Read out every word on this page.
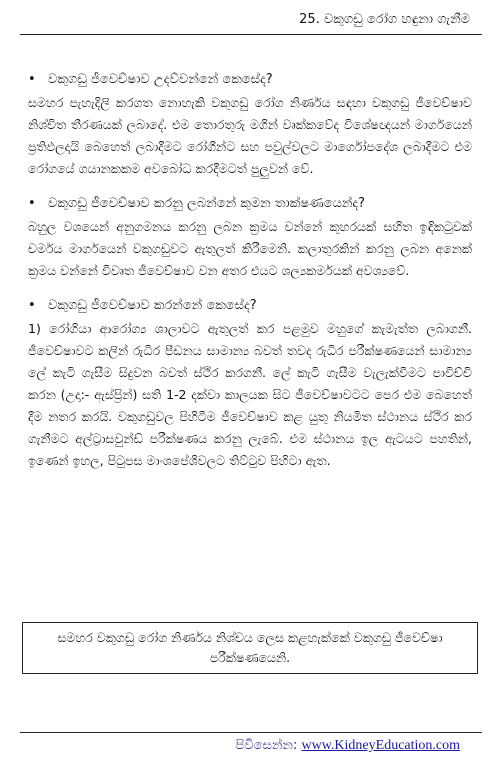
25. වකුගඩු රෝග හඳුනා ගැනීම
• වකුගඩු ජීවෙච්ෂාව උදව්වන්නේ කෙසේද?

සමහර පැහැදිලි කරගත නොහැකි වකුගඩු රෝග නිර්ණය සඳහා වකුගඩු ජීවෙච්ෂාව නිශ්චිත තීරණයක් ලබාදේ. එම තොරතුරු මගින් වෘක්කවේද විශේෂඥයන් මාර්ගයෙන් ප්‍රතිඵලදායි බෙහෙත් ලබාදීමට රෝගීන්ට සහ පවුල්වලට මාර්ගෝපදේශ ලබාදීමට එම රෝගයේ ගයානකකම අවබෝධ කරදීමටත් පුලුවන් වේ.

• වකුගඩු ජීවෙච්ෂාව කරනු ලබන්නේ කුමන තාක්ෂණයෙන්ද?

බහුල වශයෙන් අනුගමනය කරනු ලබන ක්‍රමය වන්නේ කුහරයක් සහිත ඉඳිකටුවක් චර්මය මාර්ගයෙන් වකුගඩුවට ඇතුලත් කිරීමෙනි. කලාතුරකින් කරනු ලබන අනෙක් ක්‍රමය වන්නේ විවෘත ජීවෙච්ෂාව වන අතර එයට ශල්‍යකර්මයක් අවශ්‍යවේ.

• වකුගඩු ජීවෙච්ෂාව කරන්නේ කෙසේද?

1) රෝගියා ආරෝග්‍ය ශාලාවට ඇතුලත් කර පළමුව මහුගේ කැමැත්ත ලබාගනී. ජීවෙච්ෂාවට කලින් රුධිර පීඩනය සාමාන්‍ය බවත් තවද රුධිර පරීක්ෂණයෙන් සාමාන්‍ය ලේ කැටි ගැසීම සිදුවන බවත් ස්ථිර කරගනී. ලේ කැටි ගැසීම වැලැක්වීමට පාවිච්චි කරන (උදා:- ඇස්ප්‍රින්) සති 1-2 දක්වා කාලයක සිට ජීවෙච්ෂාවටට පෙර එම බෙහෙත් දීම නතර කරයි. වකුගඩුවල පිහිටීම ජීවෙච්ෂාව කළ යුතු නියමිත ස්ථානය ස්ථිර කර ගැනීමට අල්ට්‍රාසවුන්ඩ් පරීක්ෂණය කරනු ලැබේ. එම ස්ථානය ඉල ඇටයට පහතින්, ඉණෙන් ඉහල, පිටුපස මාංශපේශිවලට තිට්ටුව පිහිටා ඇත.

සමහර වකුගඩු රෝග නිර්ණය නිශ්චය ලෙස කළහැක්කේ වකුගඩු ජීවෙච්ෂා පරීක්ෂණයෙනි.
පිවිසෙන්න: www.KidneyEducation.com
